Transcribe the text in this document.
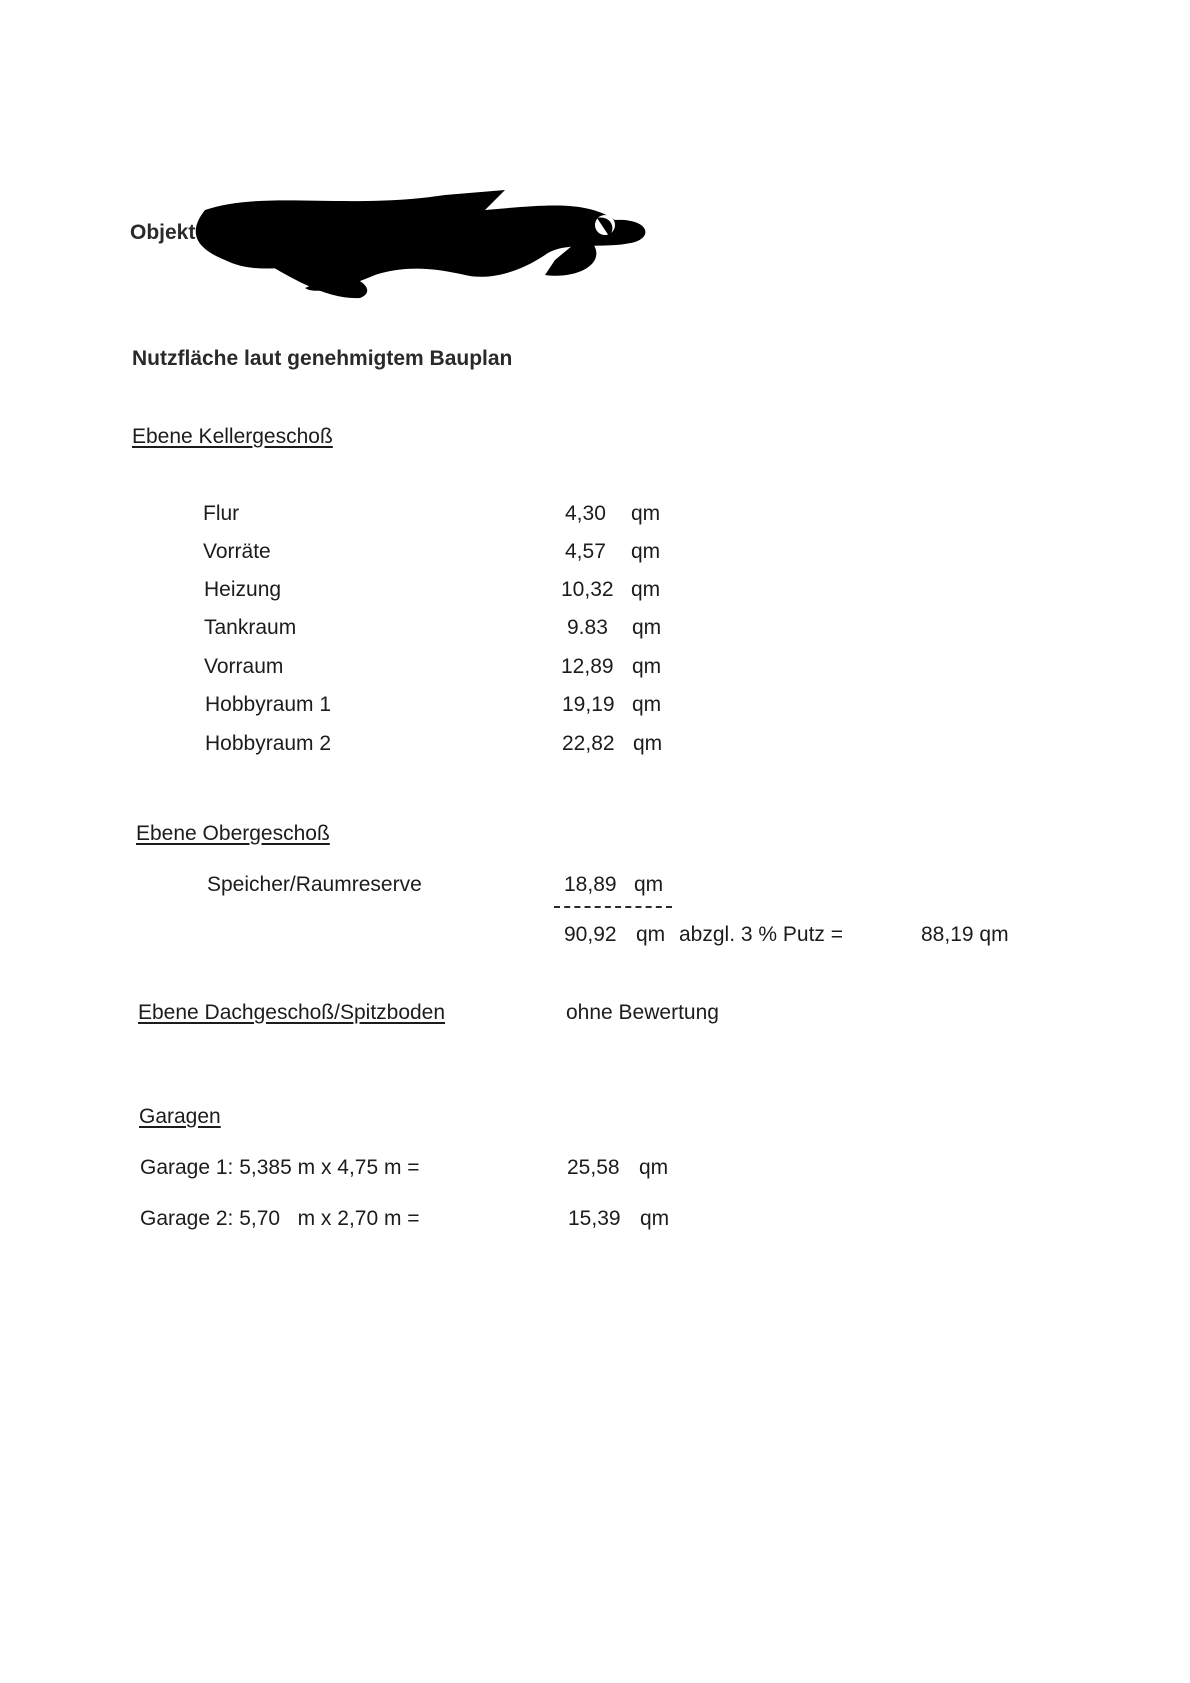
Objekt
Nutzfläche laut genehmigtem Bauplan
Ebene Kellergeschoß
Flur	4,30 qm
Vorräte	4,57 qm
Heizung	10,32 qm
Tankraum	9.83 qm
Vorraum	12,89 qm
Hobbyraum 1	19,19 qm
Hobbyraum 2	22,82 qm
Ebene Obergeschoß
Speicher/Raumreserve	18,89 qm
90,92 qm abzgl. 3 % Putz =	88,19 qm
Ebene Dachgeschoß/Spitzboden	ohne Bewertung
Garagen
Garage 1: 5,385 m x 4,75 m =	25,58 qm
Garage 2: 5,70   m x 2,70 m =	15,39 qm
